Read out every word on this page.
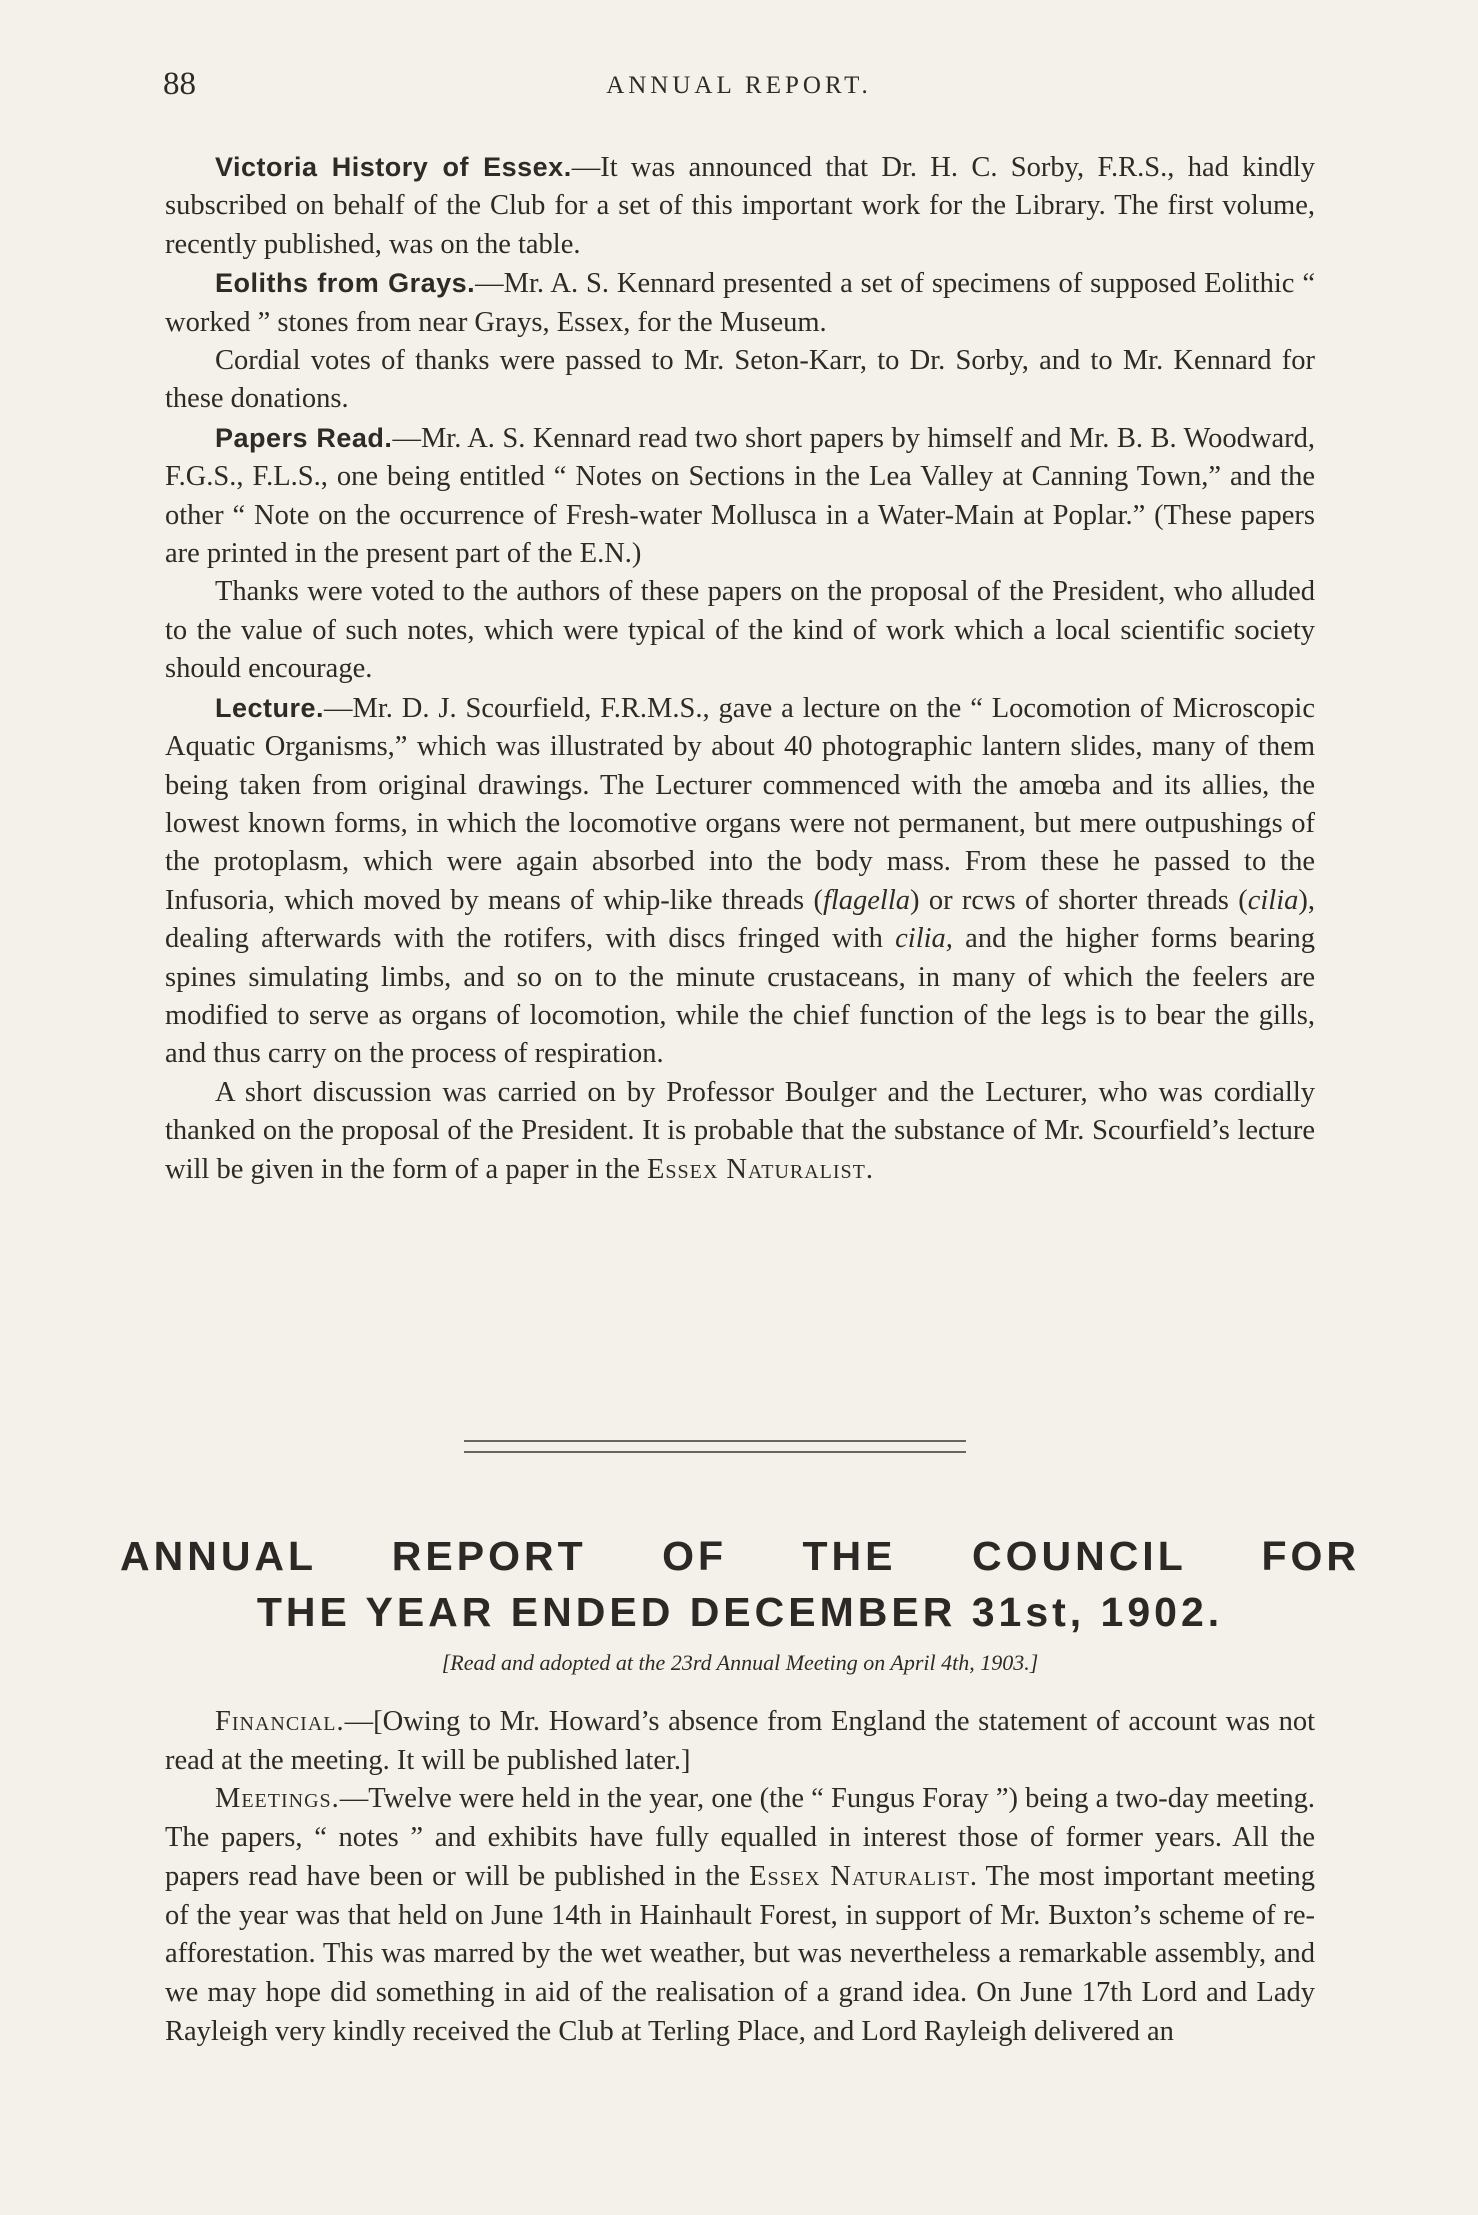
88	ANNUAL REPORT.

Victoria History of Essex.—It was announced that Dr. H. C. Sorby, F.R.S., had kindly subscribed on behalf of the Club for a set of this important work for the Library. The first volume, recently published, was on the table.

Eoliths from Grays.—Mr. A. S. Kennard presented a set of specimens of supposed Eolithic “ worked ” stones from near Grays, Essex, for the Museum.

Cordial votes of thanks were passed to Mr. Seton-Karr, to Dr. Sorby, and to Mr. Kennard for these donations.

Papers Read.—Mr. A. S. Kennard read two short papers by himself and Mr. B. B. Woodward, F.G.S., F.L.S., one being entitled “ Notes on Sections in the Lea Valley at Canning Town,” and the other “ Note on the occurrence of Fresh-water Mollusca in a Water-Main at Poplar.” (These papers are printed in the present part of the E.N.)

Thanks were voted to the authors of these papers on the proposal of the President, who alluded to the value of such notes, which were typical of the kind of work which a local scientific society should encourage.

Lecture.—Mr. D. J. Scourfield, F.R.M.S., gave a lecture on the “ Locomotion of Microscopic Aquatic Organisms,” which was illustrated by about 40 photographic lantern slides, many of them being taken from original drawings. The Lecturer commenced with the amœba and its allies, the lowest known forms, in which the locomotive organs were not permanent, but mere outpushings of the protoplasm, which were again absorbed into the body mass. From these he passed to the Infusoria, which moved by means of whip-like threads (flagella) or rcws of shorter threads (cilia), dealing afterwards with the rotifers, with discs fringed with cilia, and the higher forms bearing spines simulating limbs, and so on to the minute crustaceans, in many of which the feelers are modified to serve as organs of locomotion, while the chief function of the legs is to bear the gills, and thus carry on the process of respiration.

A short discussion was carried on by Professor Boulger and the Lecturer, who was cordially thanked on the proposal of the President. It is probable that the substance of Mr. Scourfield’s lecture will be given in the form of a paper in the Essex Naturalist.

ANNUAL REPORT OF THE COUNCIL FOR
THE YEAR ENDED DECEMBER 31st, 1902.
[Read and adopted at the 23rd Annual Meeting on April 4th, 1903.]

Financial.—[Owing to Mr. Howard’s absence from England the statement of account was not read at the meeting. It will be published later.]

Meetings.—Twelve were held in the year, one (the “ Fungus Foray ”) being a two-day meeting. The papers, “ notes ” and exhibits have fully equalled in interest those of former years. All the papers read have been or will be published in the Essex Naturalist. The most important meeting of the year was that held on June 14th in Hainhault Forest, in support of Mr. Buxton’s scheme of re-afforestation. This was marred by the wet weather, but was nevertheless a remarkable assembly, and we may hope did something in aid of the realisation of a grand idea. On June 17th Lord and Lady Rayleigh very kindly received the Club at Terling Place, and Lord Rayleigh delivered an
